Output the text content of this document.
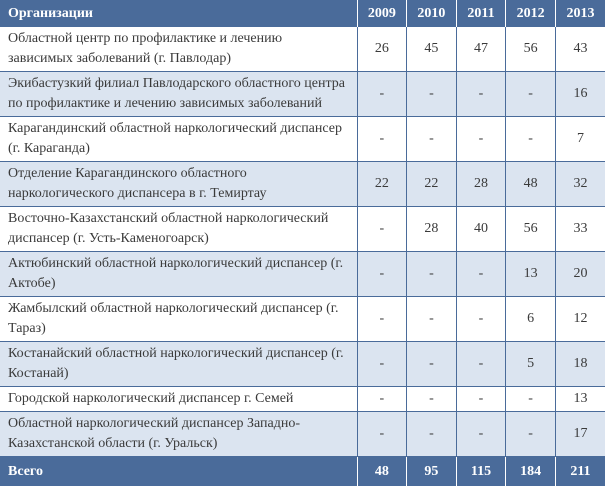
Организации	2009	2010	2011	2012	2013
Областной центр по профилактике и лечению зависимых заболеваний (г. Павлодар)	26	45	47	56	43
Экибастузкий филиал Павлодарского областного центра по профилактике и лечению зависимых заболеваний	-	-	-	-	16
Карагандинский областной наркологический диспансер (г. Караганда)	-	-	-	-	7
Отделение Карагандинского областного наркологического диспансера в г. Темиртау	22	22	28	48	32
Восточно-Казахстанский областной наркологический диспансер (г. Усть-Каменогоарск)	-	28	40	56	33
Актюбинский областной наркологический диспансер (г. Актобе)	-	-	-	13	20
Жамбылский областной наркологический диспансер (г. Тараз)	-	-	-	6	12
Костанайский областной наркологический диспансер (г. Костанай)	-	-	-	5	18
Городской наркологический диспансер г. Семей	-	-	-	-	13
Областной наркологический диспансер Западно-Казахстанской области (г. Уральск)	-	-	-	-	17
Всего	48	95	115	184	211
